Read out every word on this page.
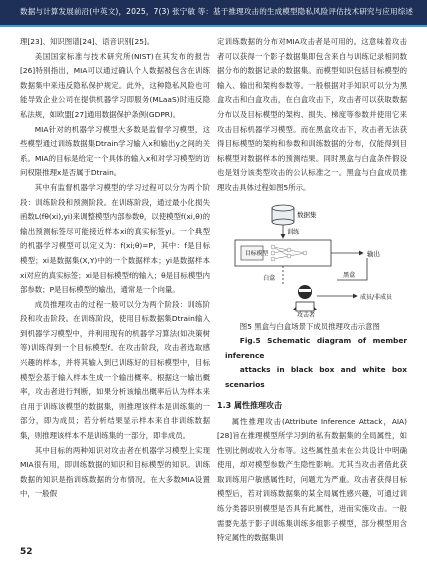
数据与计算发展前沿(中英文)，2025，7(3) 张宁敏 等：基于推理攻击的生成模型隐私风险评估技术研究与应用综述

理[23]、知识图谱[24]、语音识别[25]。

美国国家标准与技术研究所(NIST)在其发布的报告[26]特别指出，MIA可以通过确认个人数据被包含在训练数据集中来违反隐私保护规定。此外，这种隐私风险也可能导致企业公司在提供机器学习即服务(MLaaS)时违反隐私法规，如欧盟[27]通用数据保护条例(GDPR)。

MIA针对的机器学习模型大多数是监督学习模型，这些模型通过训练数据集Dtrain学习输入x和输出y之间的关系。MIA的目标是给定一个具体的输入x和对学习模型的访问权限推理x是否属于Dtrain。

其中有监督机器学习模型的学习过程可以分为两个阶段：训练阶段和预测阶段。在训练阶段，通过最小化损失函数L(fθ(xi),yi)来调整模型内部参数θ，以使模型f(xi,θ)的输出预测标签尽可能接近样本xi的真实标签yi。一个典型的机器学习模型可以定义为：f(xi;θ)=P，其中：f是目标模型；xi是数据集(X,Y)中的一个数据样本；yi是数据样本xi对应的真实标签；xi是目标模型f的输入；θ是目标模型内部参数；P是目标模型的输出，通常是一个向量。

成员推理攻击的过程一般可以分为两个阶段：训练阶段和攻击阶段。在训练阶段，使用目标数据集Dtrain输入到机器学习模型中，并利用现有的机器学习算法(如决策树等)训练得到一个目标模型f。在攻击阶段，攻击者选取感兴趣的样本，并将其输入到已训练好的目标模型中，目标模型会基于输入样本生成一个输出概率。根据这一输出概率，攻击者进行判断，如果分析该输出概率后认为样本来自用于训练该模型的数据集，则推理该样本是训练集的一部分，即为成员；若分析结果显示样本来自非训练数据集，则推理该样本不是训练集的一部分，即非成员。

其中目标的两种知识对攻击者在机器学习模型上实现MIA很有用，即训练数据的知识和目标模型的知识。训练数据的知识是指训练数据的分布情况。在大多数MIA设置中，一般假

定训练数据的分布对MIA攻击者是可用的。这意味着攻击者可以获得一个影子数据集即包含来自与训练记录相同数据分布的数据记录的数据集。而模型知识包括目标模型的输入、输出和架构参数等。一般根据对手知识可以分为黑盒攻击和白盒攻击，在白盒攻击下，攻击者可以获取数据分布以及目标模型的架构、损失、梯度等参数并使用它来攻击目标机器学习模型。而在黑盒攻击下，攻击者无法获得目标模型的架构和参数和训练数据的分布，仅能得到目标模型对数据样本的预测结果。同时黑盒与白盒条件假设也是划分该类型攻击的公认标准之一。黑盒与白盒成员推理攻击具体过程如图5所示。

数据集
训练
目标模型	输出
白盒	黑盒
攻击者
成员/非成员

图5 黑盒与白盒场景下成员推理攻击示意图

Fig.5 Schematic diagram of member inference

attacks in black box and white box scenarios

1.3 属性推理攻击

属性推理攻击(Attribute Inference Attack，AIA)[28]旨在推理模型所学习到的私有数据集的全局属性，如性别比例或收入分布等。这些属性虽未在公共设计中明确使用，却对模型参数产生隐性影响。尤其当攻击者借此获取训练用户敏感属性时，问题尤为严重。攻击者获得目标模型后，若对训练数据集的某全局属性感兴趣，可通过训练分类器识别模型是否具有此属性，进而实施攻击。一般需要先基于影子训练集训练多组影子模型，部分模型用含特定属性的数据集训

52
